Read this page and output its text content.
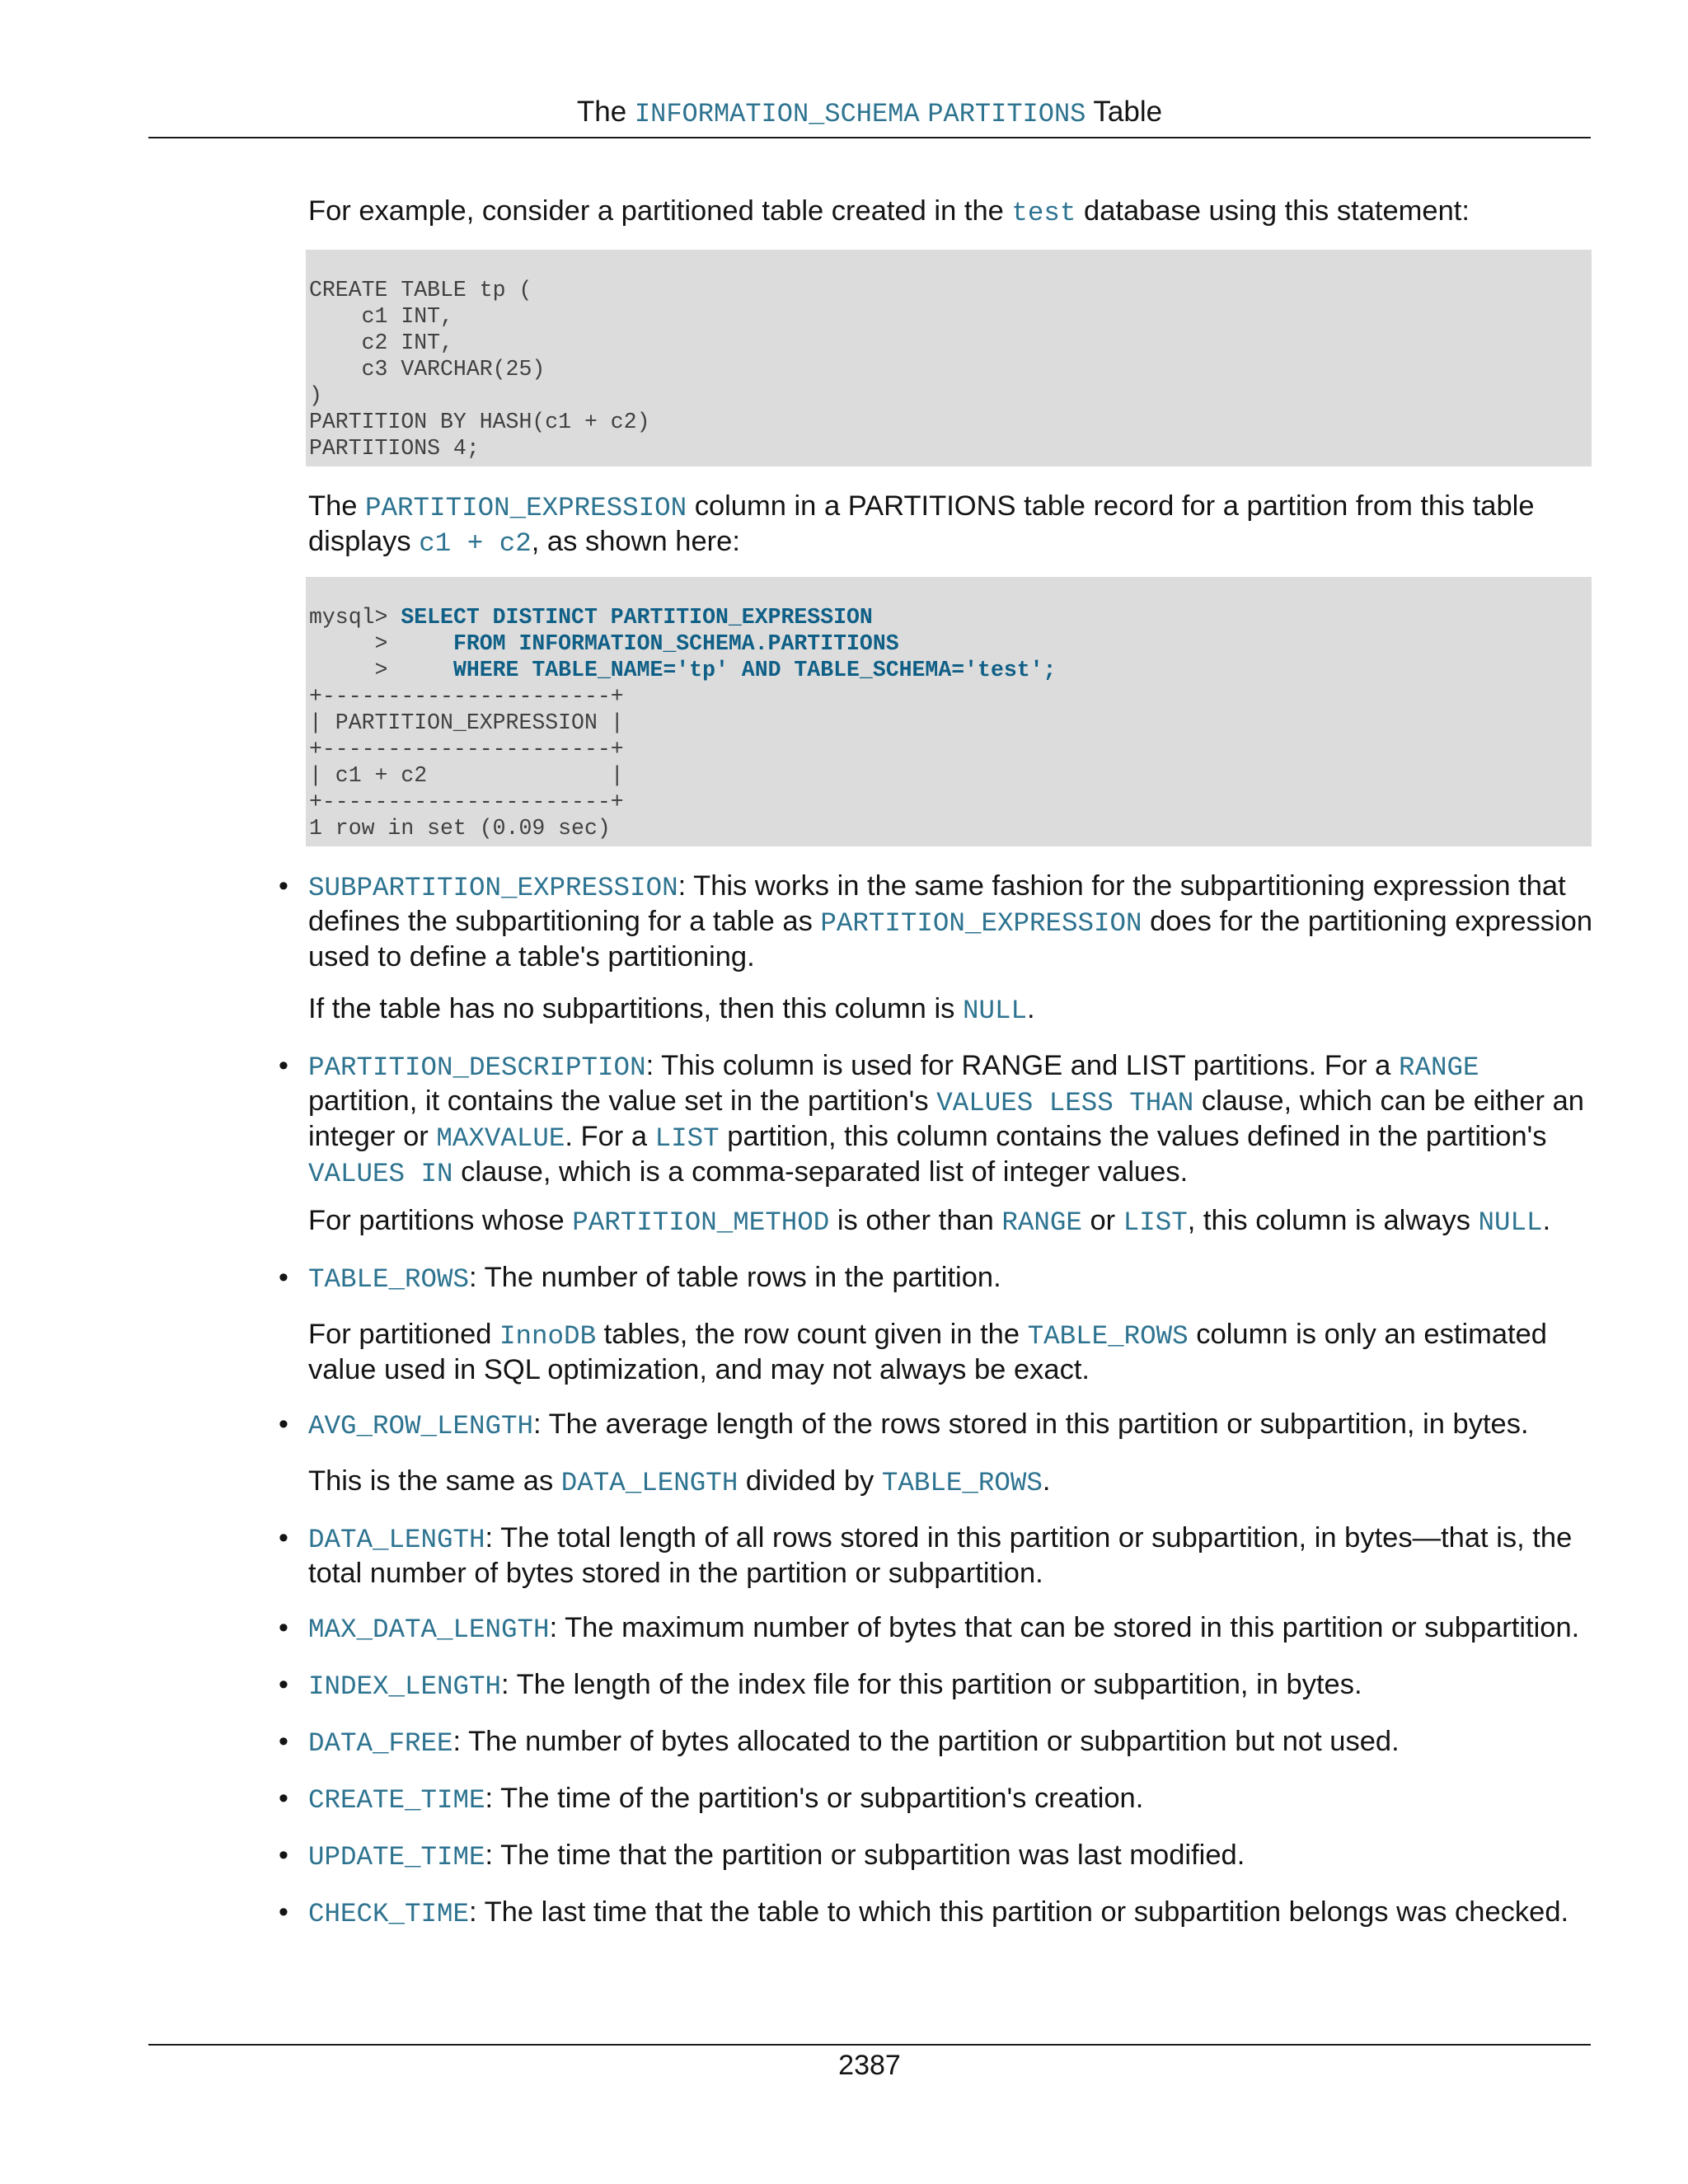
The INFORMATION_SCHEMA PARTITIONS Table
For example, consider a partitioned table created in the test database using this statement:
CREATE TABLE tp (
c1 INT,
c2 INT,
c3 VARCHAR(25)
)
PARTITION BY HASH(c1 + c2)
PARTITIONS 4;
The PARTITION_EXPRESSION column in a PARTITIONS table record for a partition from this table displays c1 + c2, as shown here:
mysql> SELECT DISTINCT PARTITION_EXPRESSION
>     FROM INFORMATION_SCHEMA.PARTITIONS
>     WHERE TABLE_NAME='tp' AND TABLE_SCHEMA='test';
+----------------------+
| PARTITION_EXPRESSION |
+----------------------+
| c1 + c2              |
+----------------------+
1 row in set (0.09 sec)
• SUBPARTITION_EXPRESSION: This works in the same fashion for the subpartitioning expression that defines the subpartitioning for a table as PARTITION_EXPRESSION does for the partitioning expression used to define a table's partitioning.
If the table has no subpartitions, then this column is NULL.
• PARTITION_DESCRIPTION: This column is used for RANGE and LIST partitions. For a RANGE partition, it contains the value set in the partition's VALUES LESS THAN clause, which can be either an integer or MAXVALUE. For a LIST partition, this column contains the values defined in the partition's VALUES IN clause, which is a comma-separated list of integer values.
For partitions whose PARTITION_METHOD is other than RANGE or LIST, this column is always NULL.
• TABLE_ROWS: The number of table rows in the partition.
For partitioned InnoDB tables, the row count given in the TABLE_ROWS column is only an estimated value used in SQL optimization, and may not always be exact.
• AVG_ROW_LENGTH: The average length of the rows stored in this partition or subpartition, in bytes.
This is the same as DATA_LENGTH divided by TABLE_ROWS.
• DATA_LENGTH: The total length of all rows stored in this partition or subpartition, in bytes—that is, the total number of bytes stored in the partition or subpartition.
• MAX_DATA_LENGTH: The maximum number of bytes that can be stored in this partition or subpartition.
• INDEX_LENGTH: The length of the index file for this partition or subpartition, in bytes.
• DATA_FREE: The number of bytes allocated to the partition or subpartition but not used.
• CREATE_TIME: The time of the partition's or subpartition's creation.
• UPDATE_TIME: The time that the partition or subpartition was last modified.
• CHECK_TIME: The last time that the table to which this partition or subpartition belongs was checked.
2387
